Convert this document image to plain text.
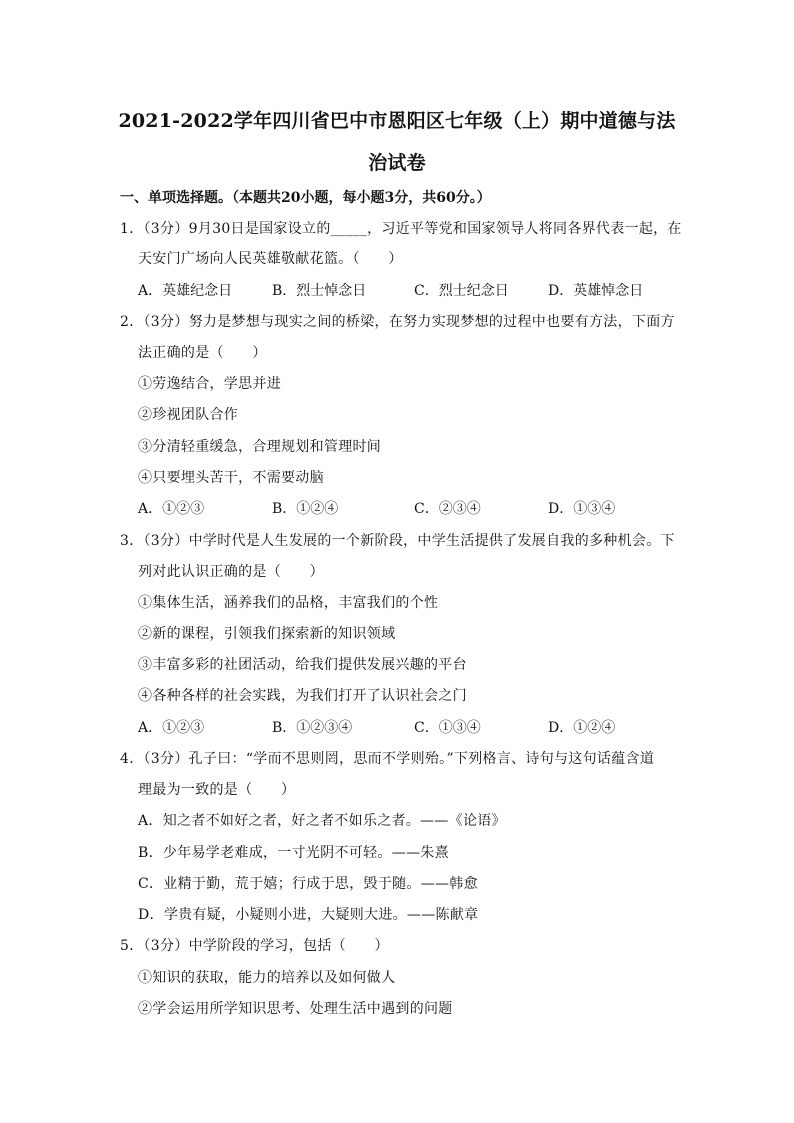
2021-2022学年四川省巴中市恩阳区七年级（上）期中道德与法
治试卷
一、单项选择题。（本题共20小题，每小题3分，共60分。）
1．（3分）9月30日是国家设立的_____，习近平等党和国家领导人将同各界代表一起，在
天安门广场向人民英雄敬献花篮。（　　）
A．英雄纪念日	B．烈士悼念日	C．烈士纪念日	D．英雄悼念日
2．（3分）努力是梦想与现实之间的桥梁，在努力实现梦想的过程中也要有方法，下面方
法正确的是（　　）
①劳逸结合，学思并进
②珍视团队合作
③分清轻重缓急，合理规划和管理时间
④只要埋头苦干，不需要动脑
A．①②③	B．①②④	C．②③④	D．①③④
3．（3分）中学时代是人生发展的一个新阶段，中学生活提供了发展自我的多种机会。下
列对此认识正确的是（　　）
①集体生活，涵养我们的品格，丰富我们的个性
②新的课程，引领我们探索新的知识领域
③丰富多彩的社团活动，给我们提供发展兴趣的平台
④各种各样的社会实践，为我们打开了认识社会之门
A．①②③	B．①②③④	C．①③④	D．①②④
4．（3分）孔子曰：“学而不思则罔，思而不学则殆。”下列格言、诗句与这句话蕴含道
理最为一致的是（　　）
A．知之者不如好之者，好之者不如乐之者。——《论语》
B．少年易学老难成，一寸光阴不可轻。——朱熹
C．业精于勤，荒于嬉；行成于思，毁于随。——韩愈
D．学贵有疑，小疑则小进，大疑则大进。——陈献章
5．（3分）中学阶段的学习，包括（　　）
①知识的获取，能力的培养以及如何做人
②学会运用所学知识思考、处理生活中遇到的问题
